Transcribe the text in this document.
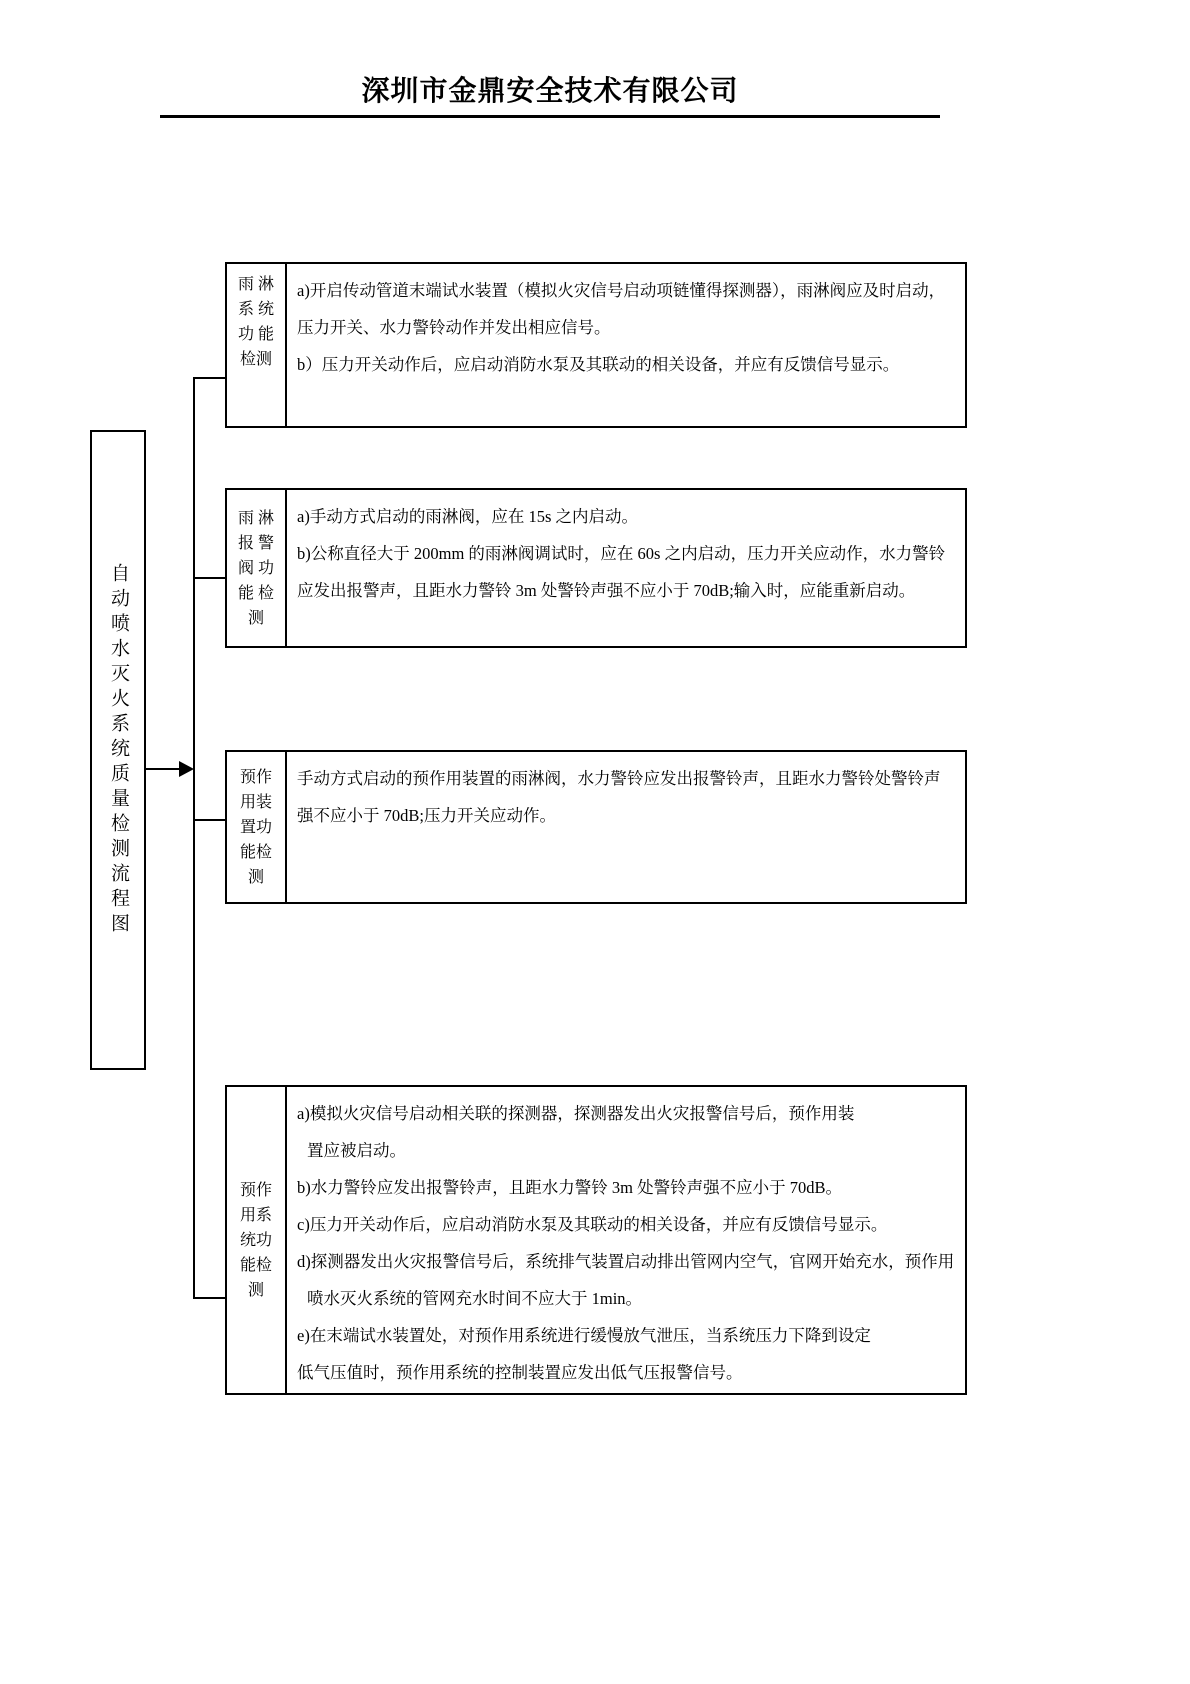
深圳市金鼎安全技术有限公司
自动喷水灭火系统质量检测流程图
雨 淋
系 统
功 能
检测
a)开启传动管道末端试水装置（模拟火灾信号启动项链懂得探测器），雨淋阀应及时启动，
压力开关、水力警铃动作并发出相应信号。
b）压力开关动作后，应启动消防水泵及其联动的相关设备，并应有反馈信号显示。
雨 淋
报 警
阀 功
能 检
测
a)手动方式启动的雨淋阀，应在 15s 之内启动。
b)公称直径大于 200mm 的雨淋阀调试时，应在 60s 之内启动，压力开关应动作，水力警铃
应发出报警声，且距水力警铃 3m 处警铃声强不应小于 70dB;输入时，应能重新启动。
预作
用装
置功
能检
测
手动方式启动的预作用装置的雨淋阀，水力警铃应发出报警铃声，且距水力警铃处警铃声
强不应小于 70dB;压力开关应动作。
预作
用系
统功
能检
测
a)模拟火灾信号启动相关联的探测器，探测器发出火灾报警信号后，预作用装
置应被启动。
b)水力警铃应发出报警铃声，且距水力警铃 3m 处警铃声强不应小于 70dB。
c)压力开关动作后，应启动消防水泵及其联动的相关设备，并应有反馈信号显示。
d)探测器发出火灾报警信号后，系统排气装置启动排出管网内空气，官网开始充水，预作用
喷水灭火系统的管网充水时间不应大于 1min。
e)在末端试水装置处，对预作用系统进行缓慢放气泄压，当系统压力下降到设定
低气压值时，预作用系统的控制装置应发出低气压报警信号。
